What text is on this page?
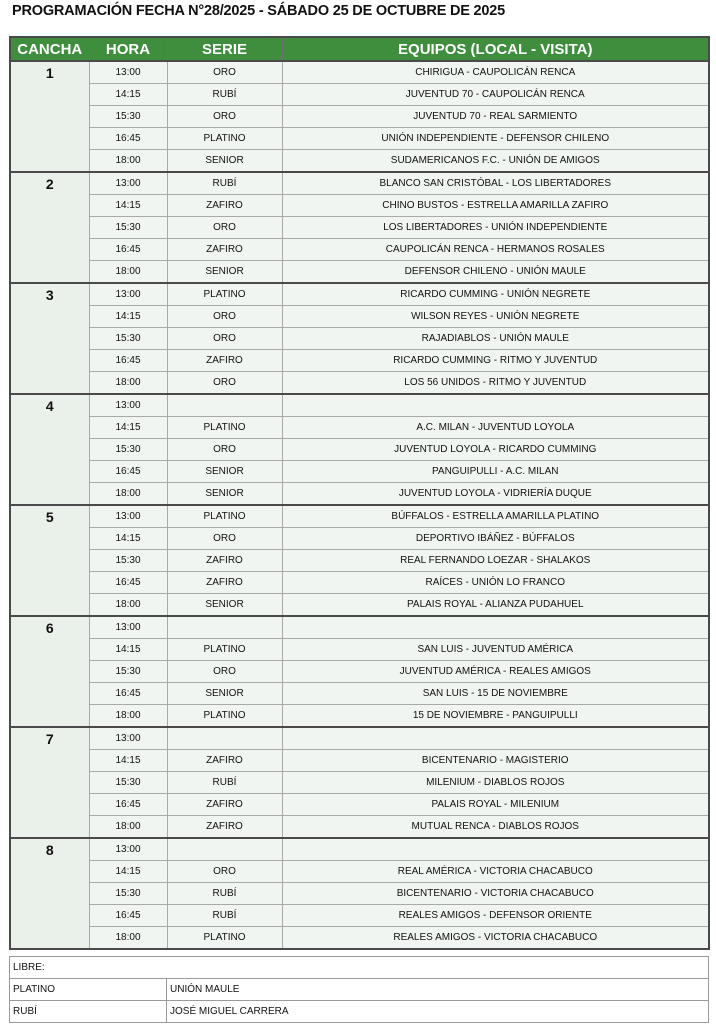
PROGRAMACIÓN FECHA N°28/2025 - SÁBADO 25 DE OCTUBRE DE 2025
CANCHA	HORA	SERIE	EQUIPOS (LOCAL - VISITA)
1	13:00	ORO	CHIRIGUA - CAUPOLICÁN RENCA
	14:15	RUBÍ	JUVENTUD 70 - CAUPOLICÁN RENCA
	15:30	ORO	JUVENTUD 70 - REAL SARMIENTO
	16:45	PLATINO	UNIÓN INDEPENDIENTE - DEFENSOR CHILENO
	18:00	SENIOR	SUDAMERICANOS F.C. - UNIÓN DE AMIGOS
2	13:00	RUBÍ	BLANCO SAN CRISTÓBAL - LOS LIBERTADORES
	14:15	ZAFIRO	CHINO BUSTOS - ESTRELLA AMARILLA ZAFIRO
	15:30	ORO	LOS LIBERTADORES - UNIÓN INDEPENDIENTE
	16:45	ZAFIRO	CAUPOLICÁN RENCA - HERMANOS ROSALES
	18:00	SENIOR	DEFENSOR CHILENO - UNIÓN MAULE
3	13:00	PLATINO	RICARDO CUMMING - UNIÓN NEGRETE
	14:15	ORO	WILSON REYES - UNIÓN NEGRETE
	15:30	ORO	RAJADIABLOS - UNIÓN MAULE
	16:45	ZAFIRO	RICARDO CUMMING - RITMO Y JUVENTUD
	18:00	ORO	LOS 56 UNIDOS - RITMO Y JUVENTUD
4	13:00		
	14:15	PLATINO	A.C. MILAN - JUVENTUD LOYOLA
	15:30	ORO	JUVENTUD LOYOLA - RICARDO CUMMING
	16:45	SENIOR	PANGUIPULLI - A.C. MILAN
	18:00	SENIOR	JUVENTUD LOYOLA - VIDRIERÍA DUQUE
5	13:00	PLATINO	BÚFFALOS - ESTRELLA AMARILLA PLATINO
	14:15	ORO	DEPORTIVO IBÁÑEZ - BÚFFALOS
	15:30	ZAFIRO	REAL FERNANDO LOEZAR - SHALAKOS
	16:45	ZAFIRO	RAÍCES - UNIÓN LO FRANCO
	18:00	SENIOR	PALAIS ROYAL - ALIANZA PUDAHUEL
6	13:00		
	14:15	PLATINO	SAN LUIS - JUVENTUD AMÉRICA
	15:30	ORO	JUVENTUD AMÉRICA - REALES AMIGOS
	16:45	SENIOR	SAN LUIS - 15 DE NOVIEMBRE
	18:00	PLATINO	15 DE NOVIEMBRE - PANGUIPULLI
7	13:00		
	14:15	ZAFIRO	BICENTENARIO - MAGISTERIO
	15:30	RUBÍ	MILENIUM - DIABLOS ROJOS
	16:45	ZAFIRO	PALAIS ROYAL - MILENIUM
	18:00	ZAFIRO	MUTUAL RENCA - DIABLOS ROJOS
8	13:00		
	14:15	ORO	REAL AMÉRICA - VICTORIA CHACABUCO
	15:30	RUBÍ	BICENTENARIO - VICTORIA CHACABUCO
	16:45	RUBÍ	REALES AMIGOS - DEFENSOR ORIENTE
	18:00	PLATINO	REALES AMIGOS - VICTORIA CHACABUCO
LIBRE:	
PLATINO	UNIÓN MAULE
RUBÍ	JOSÉ MIGUEL CARRERA
